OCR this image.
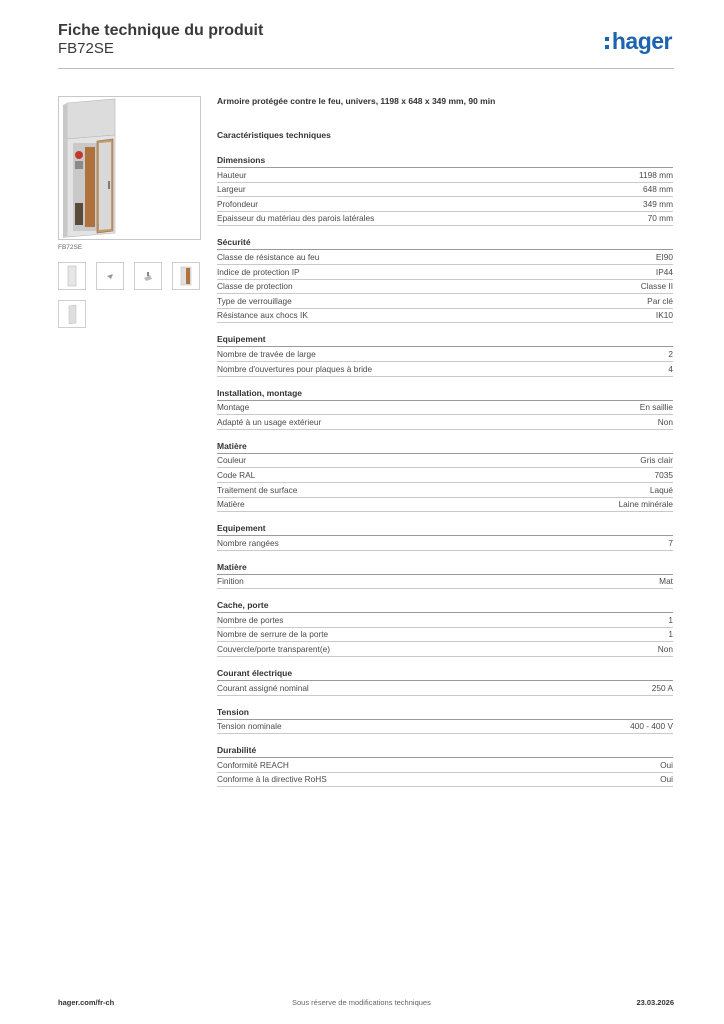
Fiche technique du produit
FB72SE	hager
FB72SE
Armoire protégée contre le feu, univers, 1198 x 648 x 349 mm, 90 min
Caractéristiques techniques
Dimensions
Hauteur	1198 mm
Largeur	648 mm
Profondeur	349 mm
Epaisseur du matériau des parois latérales	70 mm
Sécurité
Classe de résistance au feu	EI90
Indice de protection IP	IP44
Classe de protection	Classe II
Type de verrouillage	Par clé
Résistance aux chocs IK	IK10
Equipement
Nombre de travée de large	2
Nombre d'ouvertures pour plaques à bride	4
Installation, montage
Montage	En saillie
Adapté à un usage extérieur	Non
Matière
Couleur	Gris clair
Code RAL	7035
Traitement de surface	Laqué
Matière	Laine minérale
Equipement
Nombre rangées	7
Matière
Finition	Mat
Cache, porte
Nombre de portes	1
Nombre de serrure de la porte	1
Couvercle/porte transparent(e)	Non
Courant électrique
Courant assigné nominal	250 A
Tension
Tension nominale	400 - 400 V
Durabilité
Conformité REACH	Oui
Conforme à la directive RoHS	Oui
hager.com/fr-ch	Sous réserve de modifications techniques	23.03.2026
